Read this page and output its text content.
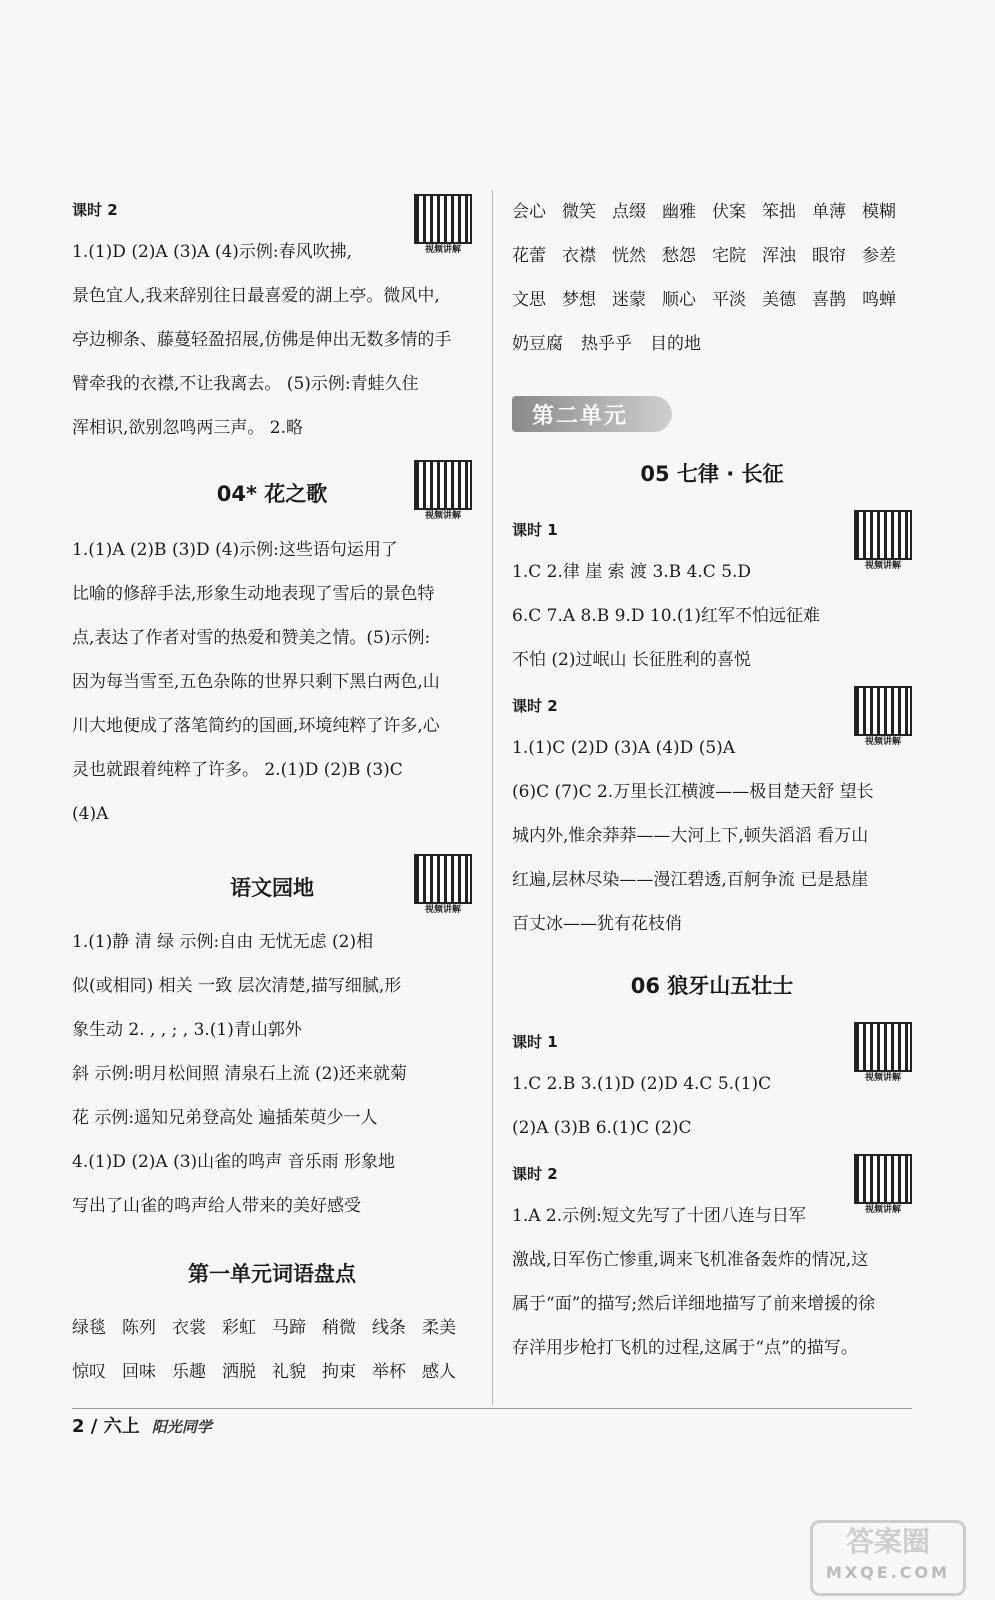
课时 2
视频讲解
1.(1)D (2)A (3)A (4)示例:春风吹拂,
景色宜人,我来辞别往日最喜爱的湖上亭。微风中,
亭边柳条、藤蔓轻盈招展,仿佛是伸出无数多情的手
臂牵我的衣襟,不让我离去。 (5)示例:青蛙久住
浑相识,欲别忽鸣两三声。 2.略
04* 花之歌
视频讲解
1.(1)A (2)B (3)D (4)示例:这些语句运用了
比喻的修辞手法,形象生动地表现了雪后的景色特
点,表达了作者对雪的热爱和赞美之情。(5)示例:
因为每当雪至,五色杂陈的世界只剩下黑白两色,山
川大地便成了落笔简约的国画,环境纯粹了许多,心
灵也就跟着纯粹了许多。 2.(1)D (2)B (3)C
(4)A
语文园地
视频讲解
1.(1)静 清 绿 示例:自由 无忧无虑 (2)相
似(或相同) 相关 一致 层次清楚,描写细腻,形
象生动 2. , , ; , 3.(1)青山郭外
斜 示例:明月松间照 清泉石上流 (2)还来就菊
花 示例:遥知兄弟登高处 遍插茱萸少一人
4.(1)D (2)A (3)山雀的鸣声 音乐雨 形象地
写出了山雀的鸣声给人带来的美好感受
第一单元词语盘点
绿毯 陈列 衣裳 彩虹 马蹄 稍微 线条 柔美
惊叹 回味 乐趣 洒脱 礼貌 拘束 举杯 感人
会心 微笑 点缀 幽雅 伏案 笨拙 单薄 模糊
花蕾 衣襟 恍然 愁怨 宅院 浑浊 眼帘 参差
文思 梦想 迷蒙 顺心 平淡 美德 喜鹊 鸣蝉
奶豆腐 热乎乎 目的地
第二单元
05 七律 · 长征
课时 1
视频讲解
1.C 2.律 崖 索 渡 3.B 4.C 5.D
6.C 7.A 8.B 9.D 10.(1)红军不怕远征难
不怕 (2)过岷山 长征胜利的喜悦
课时 2
视频讲解
1.(1)C (2)D (3)A (4)D (5)A
(6)C (7)C 2.万里长江横渡——极目楚天舒 望长
城内外,惟余莽莽——大河上下,顿失滔滔 看万山
红遍,层林尽染——漫江碧透,百舸争流 已是悬崖
百丈冰——犹有花枝俏
06 狼牙山五壮士
课时 1
视频讲解
1.C 2.B 3.(1)D (2)D 4.C 5.(1)C
(2)A (3)B 6.(1)C (2)C
课时 2
视频讲解
1.A 2.示例:短文先写了十团八连与日军
激战,日军伤亡惨重,调来飞机准备轰炸的情况,这
属于“面”的描写;然后详细地描写了前来增援的徐
存洋用步枪打飞机的过程,这属于“点”的描写。
2 / 六上 阳光同学
答案圈
MXQE.COM
